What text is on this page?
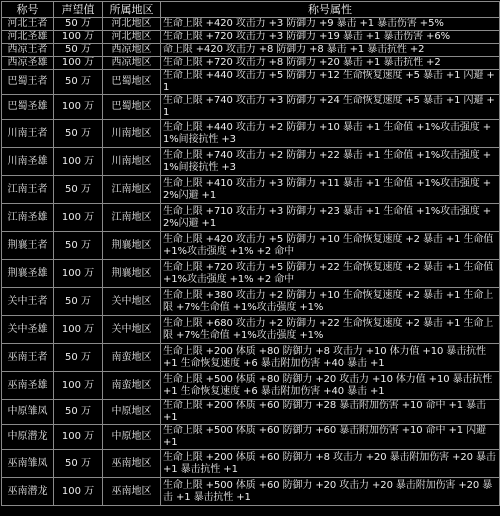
称号	声望值	所属地区	称号属性
河北王者	50 万	河北地区	生命上限 +420 攻击力 +3 防御力 +9 暴击 +1 暴击伤害 +5%
河北圣雄	100 万	河北地区	生命上限 +720 攻击力 +3 防御力 +19 暴击 +1 暴击伤害 +6%
西凉王者	50 万	西凉地区	命上限 +420 攻击力 +8 防御力 +8 暴击 +1 暴击抗性 +2
西凉圣雄	100 万	西凉地区	生命上限 +720 攻击力 +8 防御力 +20 暴击 +1 暴击抗性 +2
巴蜀王者	50 万	巴蜀地区	生命上限 +440 攻击力 +5 防御力 +12 生命恢复速度 +5 暴击 +1 闪避 +1
巴蜀圣雄	100 万	巴蜀地区	生命上限 +740 攻击力 +3 防御力 +24 生命恢复速度 +5 暴击 +1 闪避 +1
川南王者	50 万	川南地区	生命上限 +440 攻击力 +2 防御力 +10 暴击 +1 生命值 +1%攻击强度 +1%间接抗性 +3
川南圣雄	100 万	川南地区	生命上限 +740 攻击力 +2 防御力 +22 暴击 +1 生命值 +1%攻击强度 +1%间接抗性 +3
江南王者	50 万	江南地区	生命上限 +410 攻击力 +3 防御力 +11 暴击 +1 生命值 +1%攻击强度 +2%闪避 +1
江南圣雄	100 万	江南地区	生命上限 +710 攻击力 +3 防御力 +23 暴击 +1 生命值 +1%攻击强度 +2%闪避 +1
荆襄王者	50 万	荆襄地区	生命上限 +420 攻击力 +5 防御力 +10 生命恢复速度 +2 暴击 +1 生命值 +1%攻击强度 +1% +2 命中
荆襄圣雄	100 万	荆襄地区	生命上限 +720 攻击力 +5 防御力 +22 生命恢复速度 +2 暴击 +1 生命值 +1%攻击强度 +1% +2 命中
关中王者	50 万	关中地区	生命上限 +380 攻击力 +2 防御力 +10 生命恢复速度 +2 暴击 +1 生命上限 +7%生命值 +1%攻击强度 +1%
关中圣雄	100 万	关中地区	生命上限 +680 攻击力 +2 防御力 +22 生命恢复速度 +2 暴击 +1 生命上限 +7%生命值 +1%攻击强度 +1%
巫南王者	50 万	南蛮地区	生命上限 +200 体质 +80 防御力 +8 攻击力 +10 体力值 +10 暴击抗性 +1 生命恢复速度 +6 暴击附加伤害 +40 暴击 +1
巫南圣雄	100 万	南蛮地区	生命上限 +500 体质 +80 防御力 +20 攻击力 +10 体力值 +10 暴击抗性 +1 生命恢复速度 +6 暴击附加伤害 +40 暴击 +1
中原雏凤	50 万	中原地区	生命上限 +200 体质 +60 防御力 +28 暴击附加伤害 +10 命中 +1 暴击 +1
中原潜龙	100 万	中原地区	生命上限 +500 体质 +60 防御力 +60 暴击附加伤害 +10 命中 +1 闪避 +1
巫南雏凤	50 万	巫南地区	生命上限 +200 体质 +60 防御力 +8 攻击力 +20 暴击附加伤害 +20 暴击 +1 暴击抗性 +1
巫南潜龙	100 万	巫南地区	生命上限 +500 体质 +60 防御力 +20 攻击力 +20 暴击附加伤害 +20 暴击 +1 暴击抗性 +1
